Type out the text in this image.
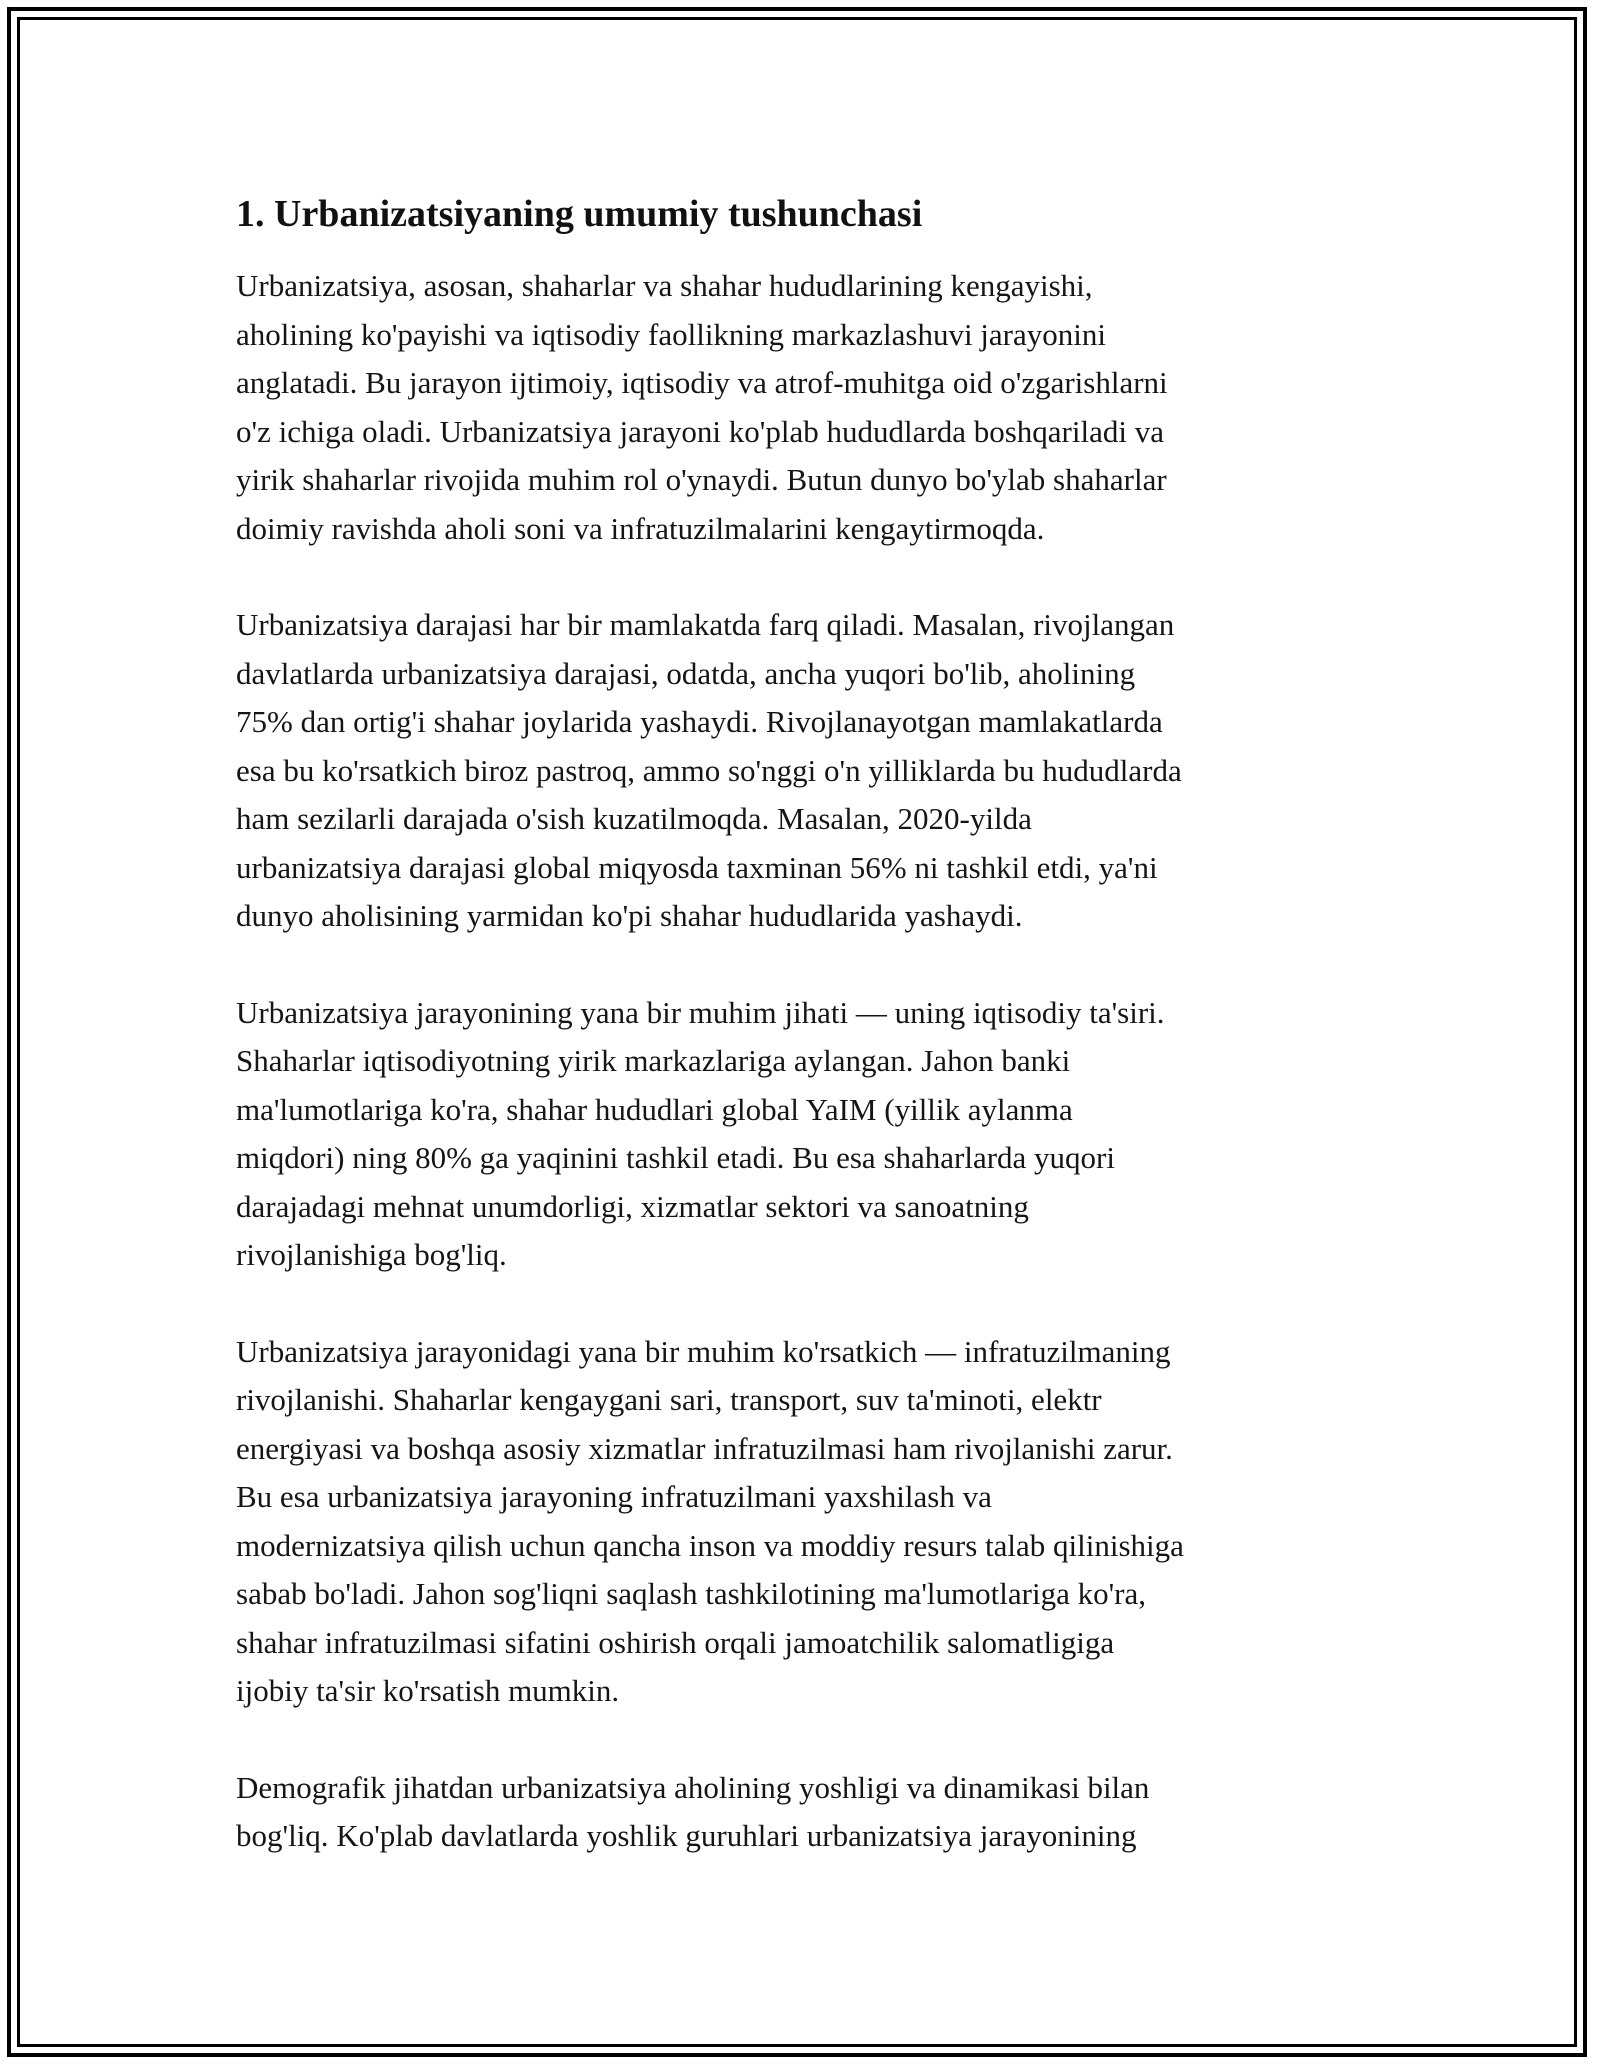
1. Urbanizatsiyaning umumiy tushunchasi

Urbanizatsiya, asosan, shaharlar va shahar hududlarining kengayishi,
aholining ko'payishi va iqtisodiy faollikning markazlashuvi jarayonini
anglatadi. Bu jarayon ijtimoiy, iqtisodiy va atrof-muhitga oid o'zgarishlarni
o'z ichiga oladi. Urbanizatsiya jarayoni ko'plab hududlarda boshqariladi va
yirik shaharlar rivojida muhim rol o'ynaydi. Butun dunyo bo'ylab shaharlar
doimiy ravishda aholi soni va infratuzilmalarini kengaytirmoqda.

Urbanizatsiya darajasi har bir mamlakatda farq qiladi. Masalan, rivojlangan
davlatlarda urbanizatsiya darajasi, odatda, ancha yuqori bo'lib, aholining
75% dan ortig'i shahar joylarida yashaydi. Rivojlanayotgan mamlakatlarda
esa bu ko'rsatkich biroz pastroq, ammo so'nggi o'n yilliklarda bu hududlarda
ham sezilarli darajada o'sish kuzatilmoqda. Masalan, 2020-yilda
urbanizatsiya darajasi global miqyosda taxminan 56% ni tashkil etdi, ya'ni
dunyo aholisining yarmidan ko'pi shahar hududlarida yashaydi.

Urbanizatsiya jarayonining yana bir muhim jihati — uning iqtisodiy ta'siri.
Shaharlar iqtisodiyotning yirik markazlariga aylangan. Jahon banki
ma'lumotlariga ko'ra, shahar hududlari global YaIM (yillik aylanma
miqdori) ning 80% ga yaqinini tashkil etadi. Bu esa shaharlarda yuqori
darajadagi mehnat unumdorligi, xizmatlar sektori va sanoatning
rivojlanishiga bog'liq.

Urbanizatsiya jarayonidagi yana bir muhim ko'rsatkich — infratuzilmaning
rivojlanishi. Shaharlar kengaygani sari, transport, suv ta'minoti, elektr
energiyasi va boshqa asosiy xizmatlar infratuzilmasi ham rivojlanishi zarur.
Bu esa urbanizatsiya jarayoning infratuzilmani yaxshilash va
modernizatsiya qilish uchun qancha inson va moddiy resurs talab qilinishiga
sabab bo'ladi. Jahon sog'liqni saqlash tashkilotining ma'lumotlariga ko'ra,
shahar infratuzilmasi sifatini oshirish orqali jamoatchilik salomatligiga
ijobiy ta'sir ko'rsatish mumkin.

Demografik jihatdan urbanizatsiya aholining yoshligi va dinamikasi bilan
bog'liq. Ko'plab davlatlarda yoshlik guruhlari urbanizatsiya jarayonining
